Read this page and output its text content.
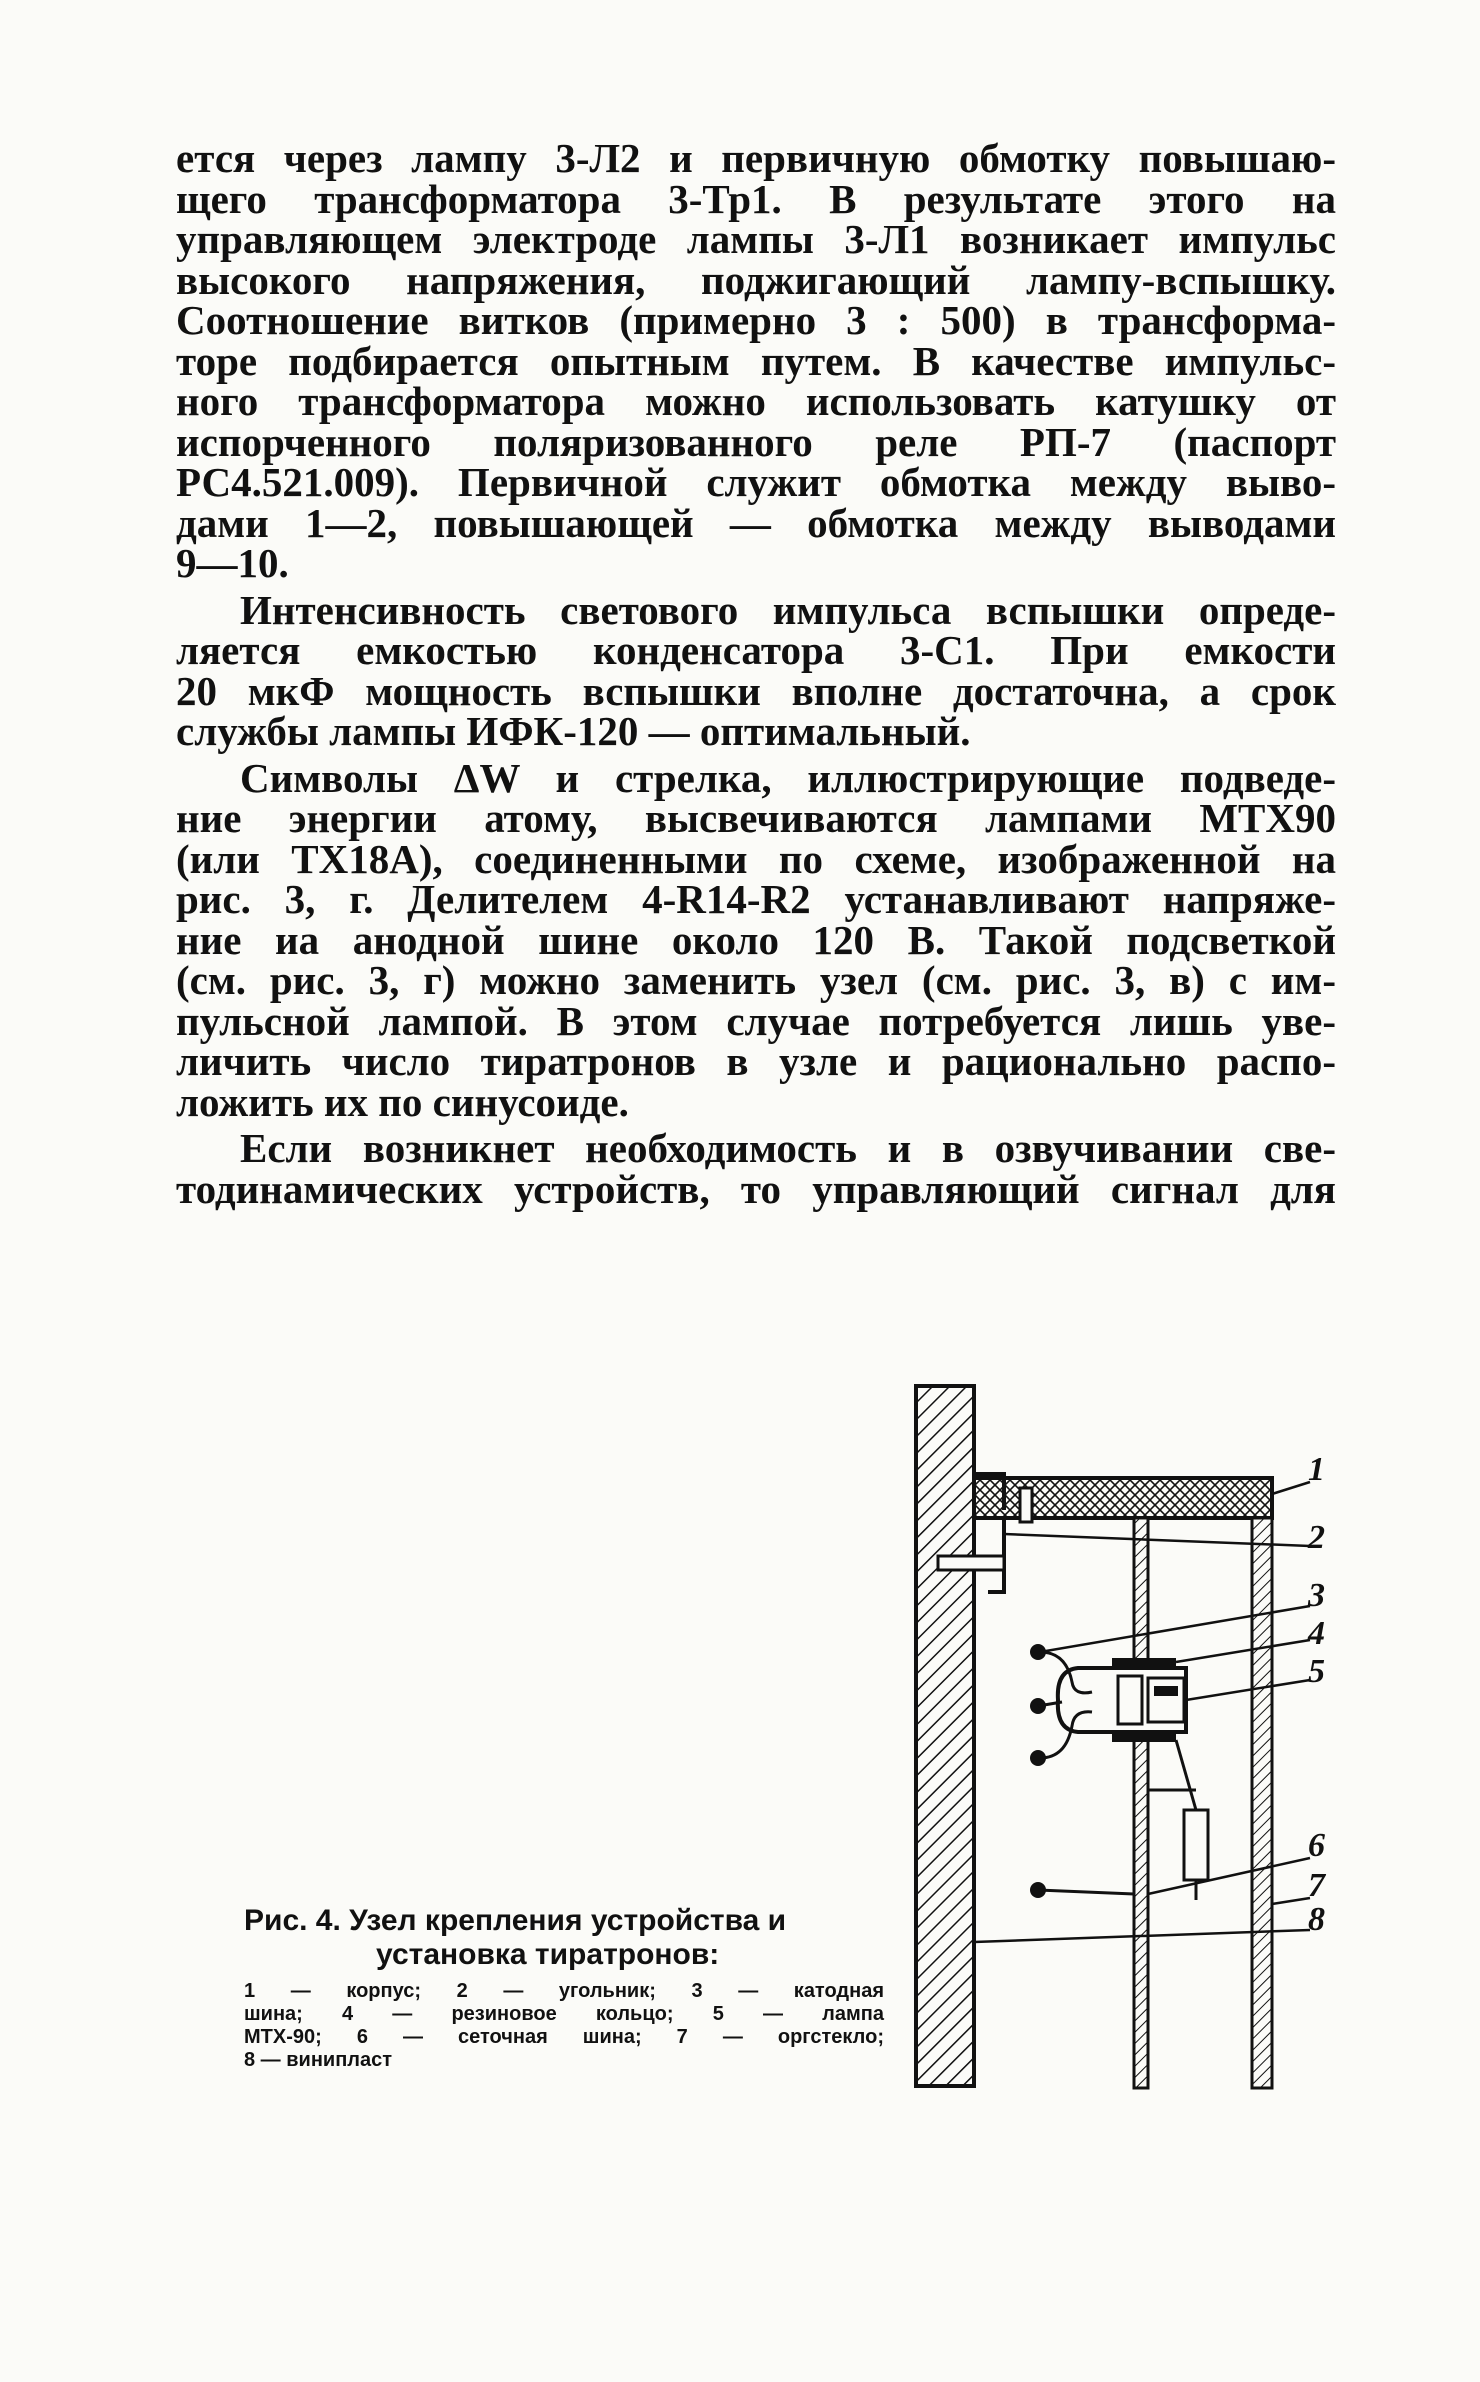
ется через лампу 3-Л2 и первичную обмотку повышаю-
щего трансформатора 3-Тр1. В результате этого на
управляющем электроде лампы 3-Л1 возникает импульс
высокого напряжения, поджигающий лампу-вспышку.
Соотношение витков (примерно 3 : 500) в трансформа-
торе подбирается опытным путем. В качестве импульс-
ного трансформатора можно использовать катушку от
испорченного поляризованного реле РП-7 (паспорт
РС4.521.009). Первичной служит обмотка между выво-
дами 1—2, повышающей — обмотка между выводами
9—10.

Интенсивность светового импульса вспышки опреде-
ляется емкостью конденсатора 3-С1. При емкости
20 мкФ мощность вспышки вполне достаточна, а срок
службы лампы ИФК-120 — оптимальный.

Символы ΔW и стрелка, иллюстрирующие подведе-
ние энергии атому, высвечиваются лампами МТХ90
(или ТХ18А), соединенными по схеме, изображенной на
рис. 3, г. Делителем 4-R14-R2 устанавливают напряже-
ние иа анодной шине около 120 В. Такой подсветкой
(см. рис. 3, г) можно заменить узел (см. рис. 3, в) с им-
пульсной лампой. В этом случае потребуется лишь уве-
личить число тиратронов в узле и рационально распо-
ложить их по синусоиде.

Если возникнет необходимость и в озвучивании све-
тодинамических устройств, то управляющий сигнал для

1
2
3
4
5
6
7
8
Рис. 4. Узел крепления устройства и
установка тиратронов:
1 — корпус; 2 — угольник; 3 — катодная
шина; 4 — резиновое кольцо; 5 — лампа
МТХ-90; 6 — сеточная шина; 7 — оргстекло;
8 — винипласт
